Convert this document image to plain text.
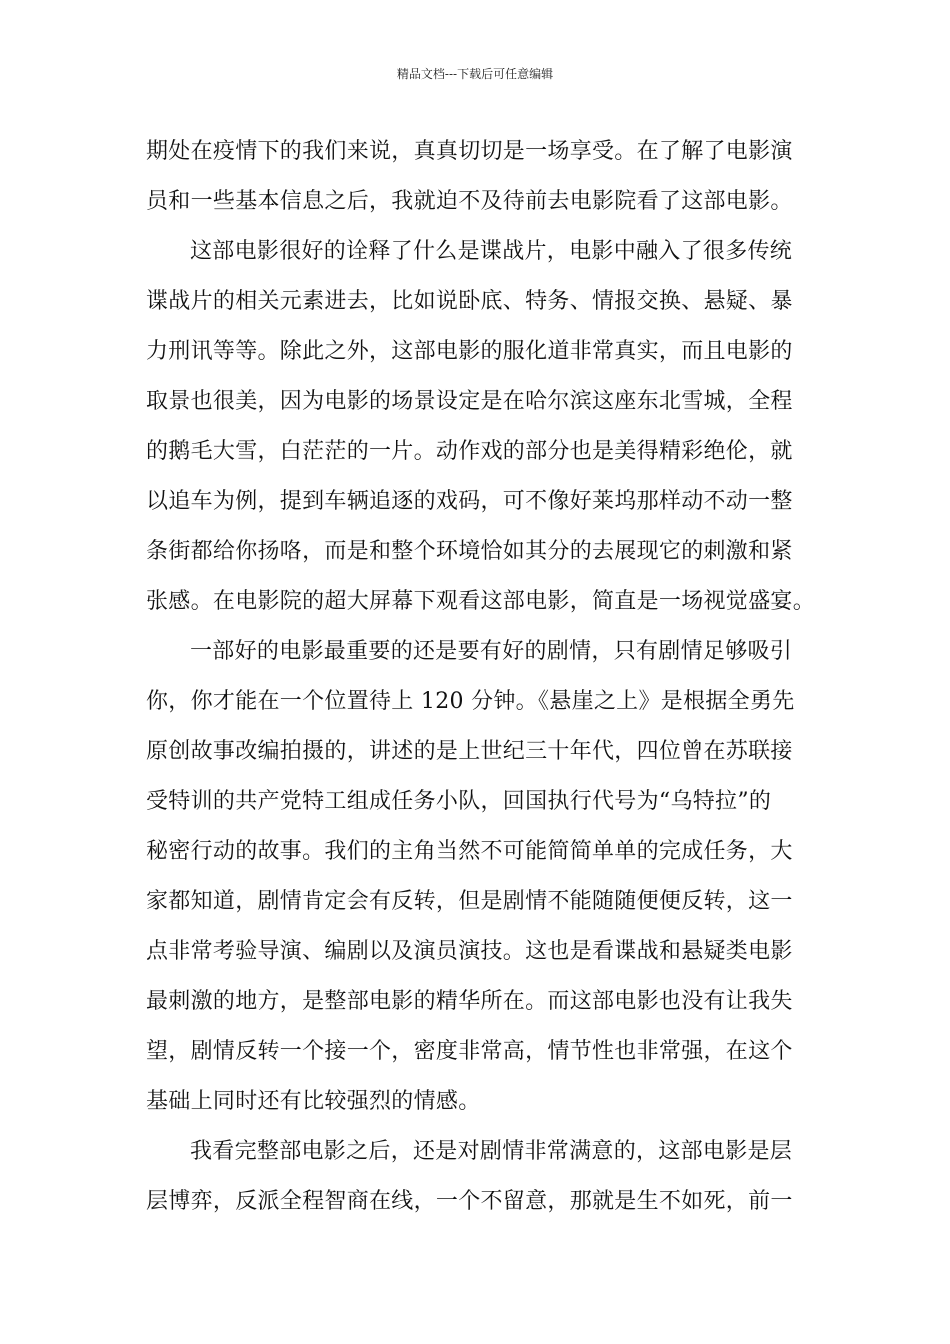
精品文档---下载后可任意编辑
期处在疫情下的我们来说，真真切切是一场享受。在了解了电影演
员和一些基本信息之后，我就迫不及待前去电影院看了这部电影。
这部电影很好的诠释了什么是谍战片，电影中融入了很多传统
谍战片的相关元素进去，比如说卧底、特务、情报交换、悬疑、暴
力刑讯等等。除此之外，这部电影的服化道非常真实，而且电影的
取景也很美，因为电影的场景设定是在哈尔滨这座东北雪城，全程
的鹅毛大雪，白茫茫的一片。动作戏的部分也是美得精彩绝伦，就
以追车为例，提到车辆追逐的戏码，可不像好莱坞那样动不动一整
条街都给你扬咯，而是和整个环境恰如其分的去展现它的刺激和紧
张感。在电影院的超大屏幕下观看这部电影，简直是一场视觉盛宴。
一部好的电影最重要的还是要有好的剧情，只有剧情足够吸引
你，你才能在一个位置待上 120 分钟。《悬崖之上》是根据全勇先
原创故事改编拍摄的，讲述的是上世纪三十年代，四位曾在苏联接
受特训的共产党特工组成任务小队，回国执行代号为“乌特拉”的
秘密行动的故事。我们的主角当然不可能简简单单的完成任务，大
家都知道，剧情肯定会有反转，但是剧情不能随随便便反转，这一
点非常考验导演、编剧以及演员演技。这也是看谍战和悬疑类电影
最刺激的地方，是整部电影的精华所在。而这部电影也没有让我失
望，剧情反转一个接一个，密度非常高，情节性也非常强，在这个
基础上同时还有比较强烈的情感。
我看完整部电影之后，还是对剧情非常满意的，这部电影是层
层博弈，反派全程智商在线，一个不留意，那就是生不如死，前一
